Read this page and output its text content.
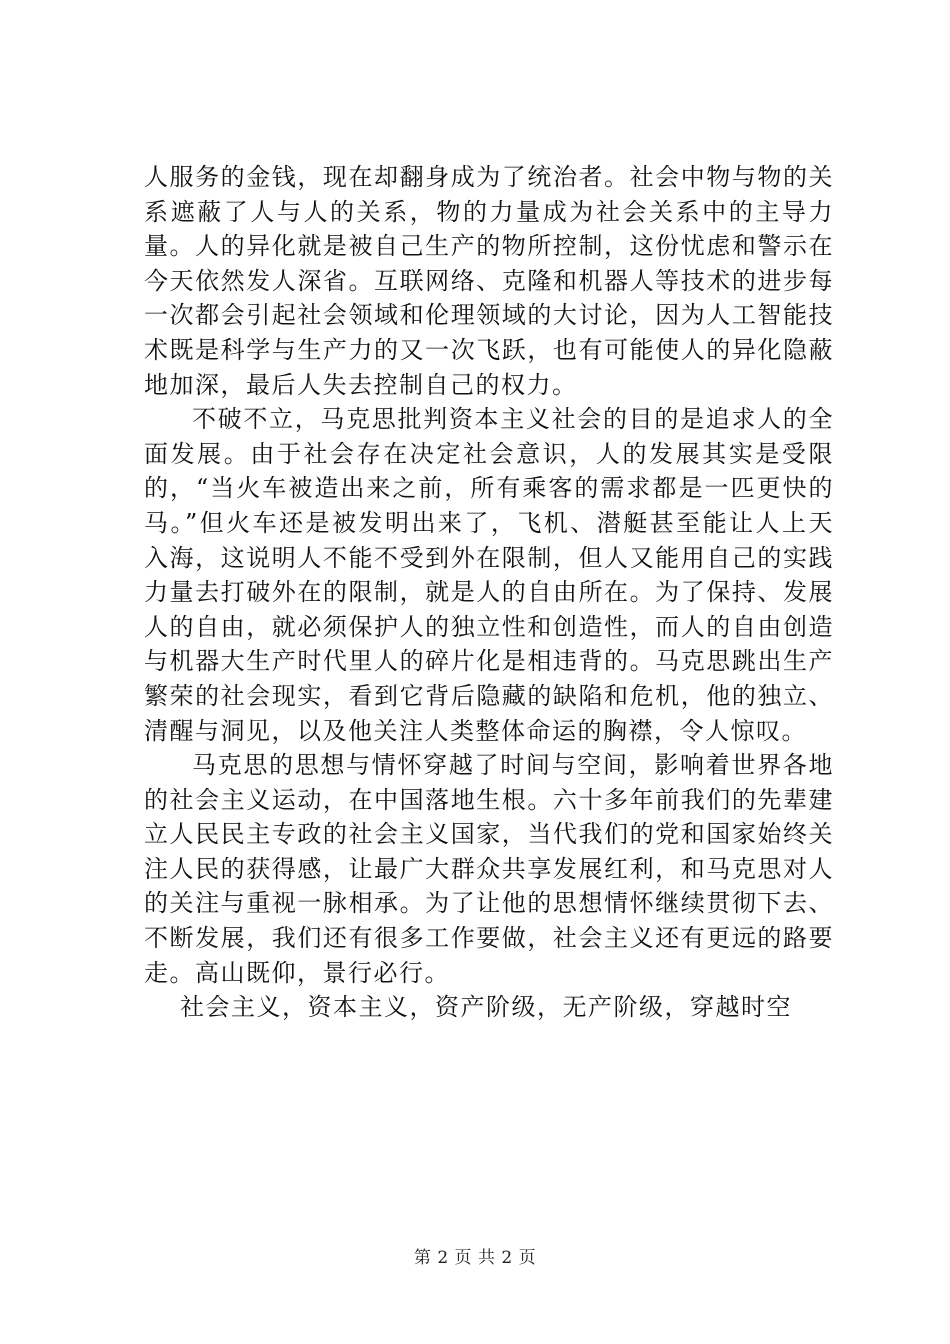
人服务的金钱，现在却翻身成为了统治者。社会中物与物的关系遮蔽了人与人的关系，物的力量成为社会关系中的主导力量。人的异化就是被自己生产的物所控制，这份忧虑和警示在今天依然发人深省。互联网络、克隆和机器人等技术的进步每一次都会引起社会领域和伦理领域的大讨论，因为人工智能技术既是科学与生产力的又一次飞跃，也有可能使人的异化隐蔽地加深，最后人失去控制自己的权力。

不破不立，马克思批判资本主义社会的目的是追求人的全面发展。由于社会存在决定社会意识，人的发展其实是受限的，“当火车被造出来之前，所有乘客的需求都是一匹更快的马。”但火车还是被发明出来了，飞机、潜艇甚至能让人上天入海，这说明人不能不受到外在限制，但人又能用自己的实践力量去打破外在的限制，就是人的自由所在。为了保持、发展人的自由，就必须保护人的独立性和创造性，而人的自由创造与机器大生产时代里人的碎片化是相违背的。马克思跳出生产繁荣的社会现实，看到它背后隐藏的缺陷和危机，他的独立、清醒与洞见，以及他关注人类整体命运的胸襟，令人惊叹。

马克思的思想与情怀穿越了时间与空间，影响着世界各地的社会主义运动，在中国落地生根。六十多年前我们的先辈建立人民民主专政的社会主义国家，当代我们的党和国家始终关注人民的获得感，让最广大群众共享发展红利，和马克思对人的关注与重视一脉相承。为了让他的思想情怀继续贯彻下去、不断发展，我们还有很多工作要做，社会主义还有更远的路要走。高山既仰，景行必行。

社会主义，资本主义，资产阶级，无产阶级，穿越时空

第 2 页 共 2 页
